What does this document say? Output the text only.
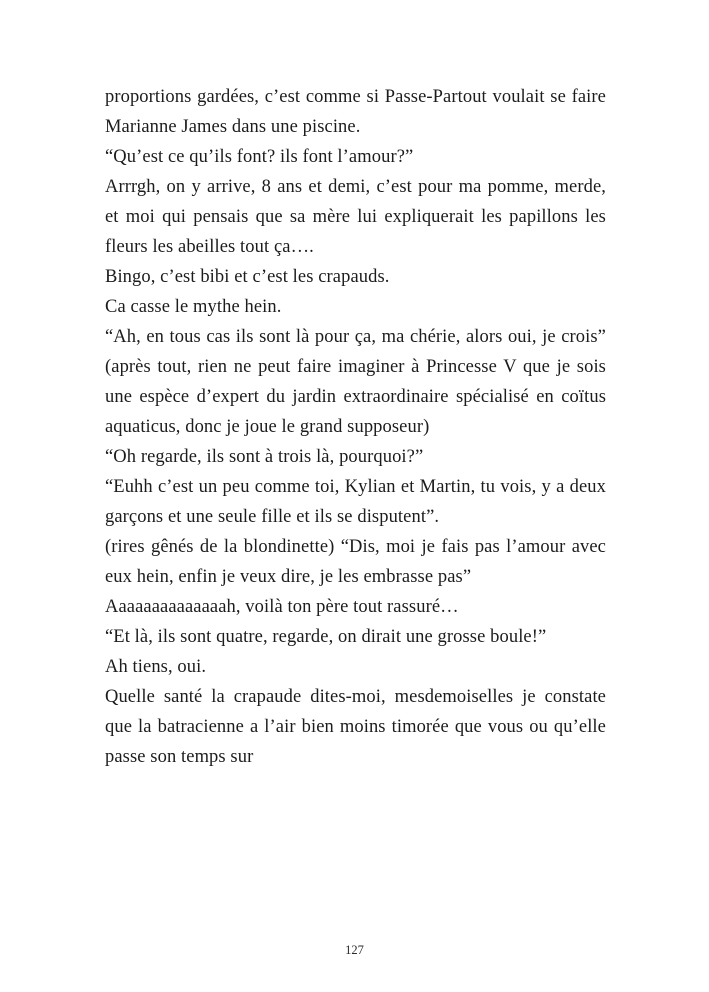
proportions gardées, c’est comme si Passe-Partout voulait se faire Marianne James dans une piscine.

“Qu’est ce qu’ils font? ils font l’amour?”

Arrrgh, on y arrive, 8 ans et demi, c’est pour ma pomme, merde, et moi qui pensais que sa mère lui expliquerait les papillons les fleurs les abeilles tout ça….

Bingo, c’est bibi et c’est les crapauds.

Ca casse le mythe hein.

“Ah, en tous cas ils sont là pour ça, ma chérie, alors oui, je crois” (après tout, rien ne peut faire imaginer à Princesse V que je sois une espèce d’expert du jardin extraordinaire spécialisé en coïtus aquaticus, donc je joue le grand supposeur)

“Oh regarde, ils sont à trois là, pourquoi?”

“Euhh c’est un peu comme toi, Kylian et Martin, tu vois, y a deux garçons et une seule fille et ils se disputent”.

(rires gênés de la blondinette) “Dis, moi je fais pas l’amour avec eux hein, enfin je veux dire, je les embrasse pas”

Aaaaaaaaaaaaaah, voilà ton père tout rassuré…

“Et là, ils sont quatre, regarde, on dirait une grosse boule!”

Ah tiens, oui.

Quelle santé la crapaude dites-moi, mesdemoiselles je constate que la batracienne a l’air bien moins timorée que vous ou qu’elle passe son temps sur

127
